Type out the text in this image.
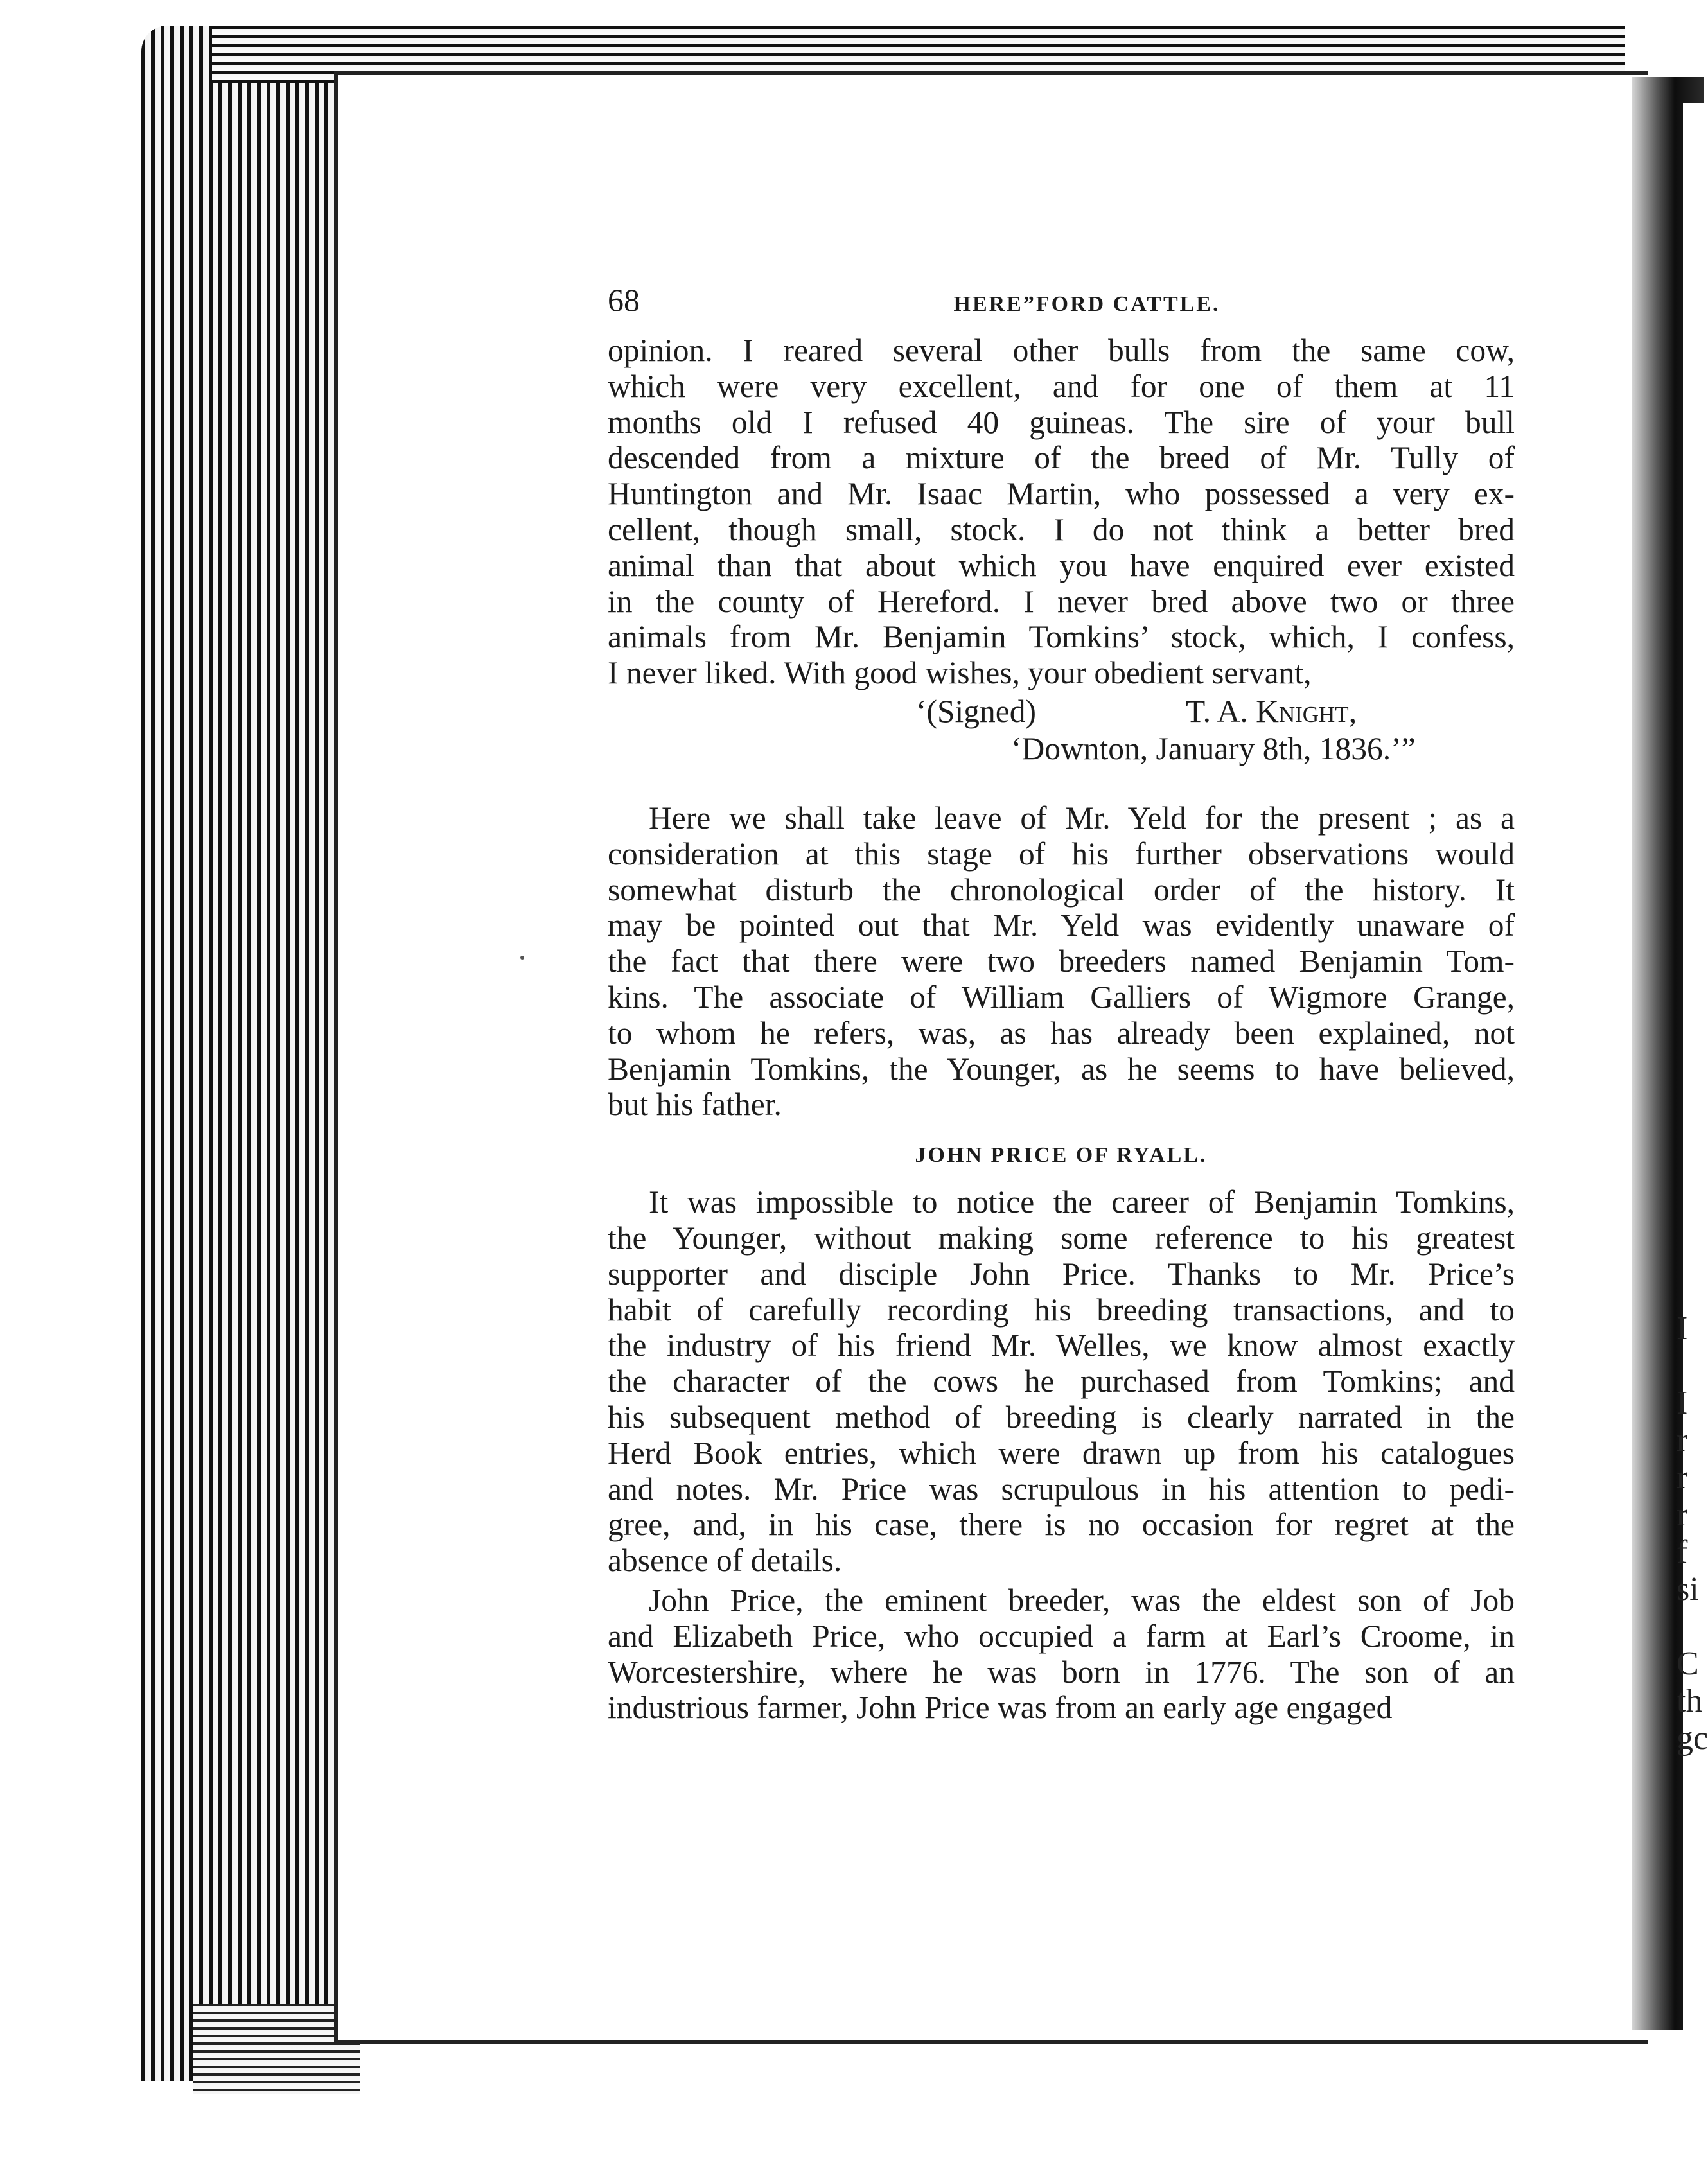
I
I
r
r
r
f
si
C
th
gc
68	HERE”FORD CATTLE.
opinion. I reared several other bulls from the same cow,
which were very excellent, and for one of them at 11
months old I refused 40 guineas. The sire of your bull
descended from a mixture of the breed of Mr. Tully of
Huntington and Mr. Isaac Martin, who possessed a very ex-
cellent, though small, stock. I do not think a better bred
animal than that about which you have enquired ever existed
in the county of Hereford. I never bred above two or three
animals from Mr. Benjamin Tomkins’ stock, which, I confess,
I never liked. With good wishes, your obedient servant,
‘(Signed)	T. A. Knight,
‘Downton, January 8th, 1836.’”
Here we shall take leave of Mr. Yeld for the present ; as a
consideration at this stage of his further observations would
somewhat disturb the chronological order of the history. It
may be pointed out that Mr. Yeld was evidently unaware of
the fact that there were two breeders named Benjamin Tom-
kins. The associate of William Galliers of Wigmore Grange,
to whom he refers, was, as has already been explained, not
Benjamin Tomkins, the Younger, as he seems to have believed,
but his father.
JOHN PRICE OF RYALL.
It was impossible to notice the career of Benjamin Tomkins,
the Younger, without making some reference to his greatest
supporter and disciple John Price. Thanks to Mr. Price’s
habit of carefully recording his breeding transactions, and to
the industry of his friend Mr. Welles, we know almost exactly
the character of the cows he purchased from Tomkins; and
his subsequent method of breeding is clearly narrated in the
Herd Book entries, which were drawn up from his catalogues
and notes. Mr. Price was scrupulous in his attention to pedi-
gree, and, in his case, there is no occasion for regret at the
absence of details.
John Price, the eminent breeder, was the eldest son of Job
and Elizabeth Price, who occupied a farm at Earl’s Croome, in
Worcestershire, where he was born in 1776. The son of an
industrious farmer, John Price was from an early age engaged
